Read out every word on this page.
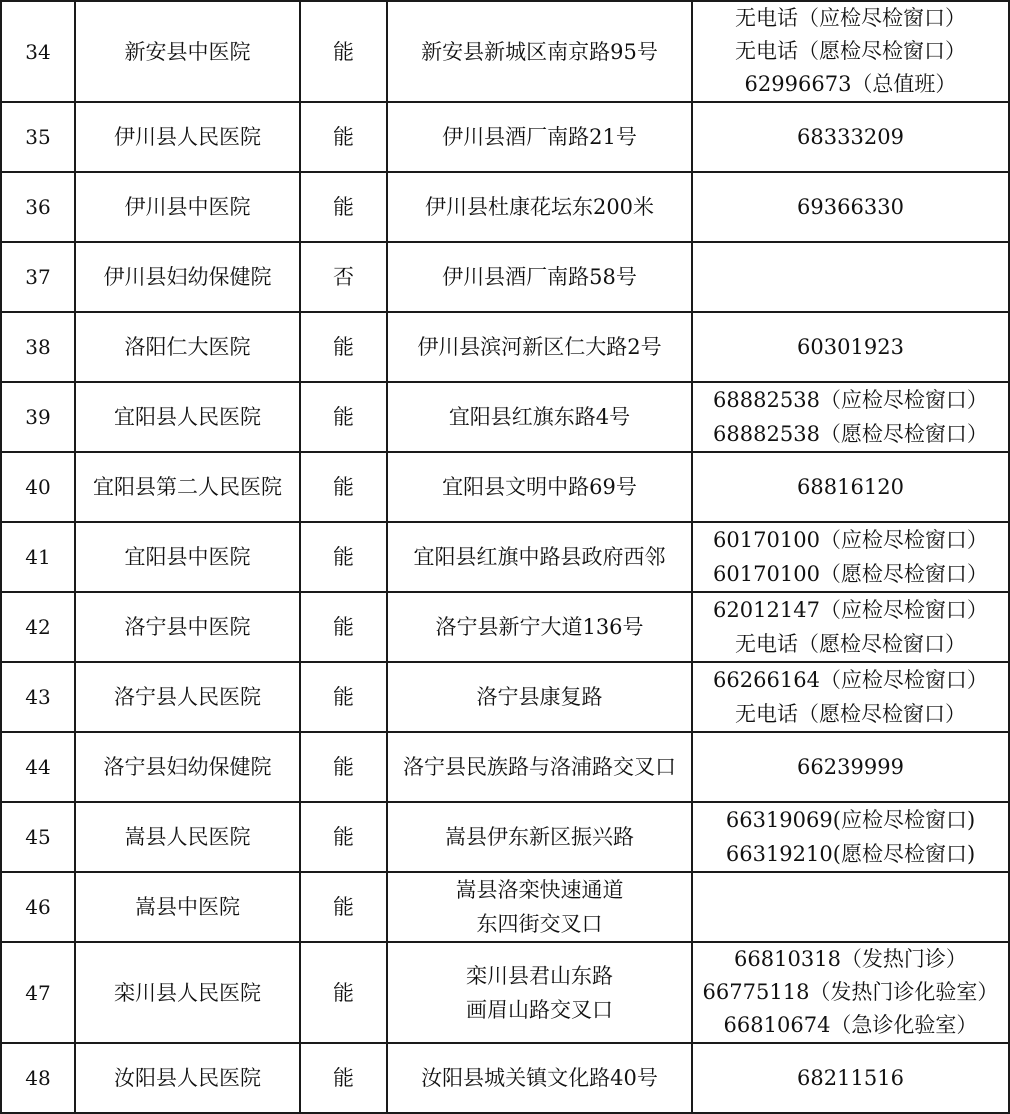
34	新安县中医院	能	新安县新城区南京路95号	无电话（应检尽检窗口）
无电话（愿检尽检窗口）
62996673（总值班）

35	伊川县人民医院	能	伊川县酒厂南路21号	68333209

36	伊川县中医院	能	伊川县杜康花坛东200米	69366330

37	伊川县妇幼保健院	否	伊川县酒厂南路58号	

38	洛阳仁大医院	能	伊川县滨河新区仁大路2号	60301923

39	宜阳县人民医院	能	宜阳县红旗东路4号	68882538（应检尽检窗口）
68882538（愿检尽检窗口）

40	宜阳县第二人民医院	能	宜阳县文明中路69号	68816120

41	宜阳县中医院	能	宜阳县红旗中路县政府西邻	60170100（应检尽检窗口）
60170100（愿检尽检窗口）

42	洛宁县中医院	能	洛宁县新宁大道136号	62012147（应检尽检窗口）
无电话（愿检尽检窗口）

43	洛宁县人民医院	能	洛宁县康复路	66266164（应检尽检窗口）
无电话（愿检尽检窗口）

44	洛宁县妇幼保健院	能	洛宁县民族路与洛浦路交叉口	66239999

45	嵩县人民医院	能	嵩县伊东新区振兴路	66319069(应检尽检窗口)
66319210(愿检尽检窗口)

46	嵩县中医院	能	嵩县洛栾快速通道
东四街交叉口	

47	栾川县人民医院	能	栾川县君山东路
画眉山路交叉口	66810318（发热门诊）
66775118（发热门诊化验室）
66810674（急诊化验室）

48	汝阳县人民医院	能	汝阳县城关镇文化路40号	68211516
